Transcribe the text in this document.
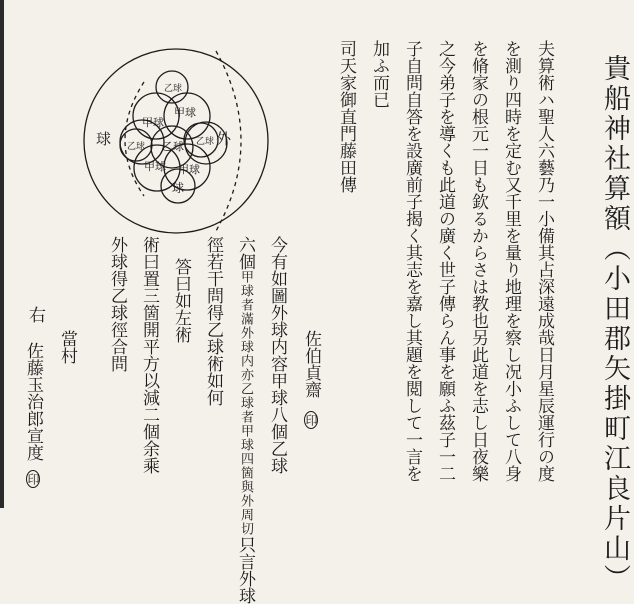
貴船神社算額（小田郡矢掛町江良片山）
夫算術ハ聖人六藝乃一小備其占深遠成哉日月星辰運行の度
を測り四時を定む又千里を量り地理を察し况小ふして八身
を脩家の根元一日も欽るからさは教也另此道を志し日夜樂
之今弟子を導くも此道の廣く世子傳らん事を願ふ茲子一二
子自問自答を設廣前子揭く其志を嘉し其題を閲して一言を
加ふ而已
司天家御直門藤田傳
佐伯貞齋 印
今有如圖外球内容甲球八個乙球
六個甲球者滿外球内亦乙球者甲球四箇與外周切只言外球
徑若干問得乙球術如何
答曰如左術
術曰置三箇開平方以減二個余乘
外球得乙球徑合問
右
當村
佐藤玉治郎宣度 印
乙球
甲球
甲球
乙球 乙球 乙球
甲球 甲球
球
球	外
